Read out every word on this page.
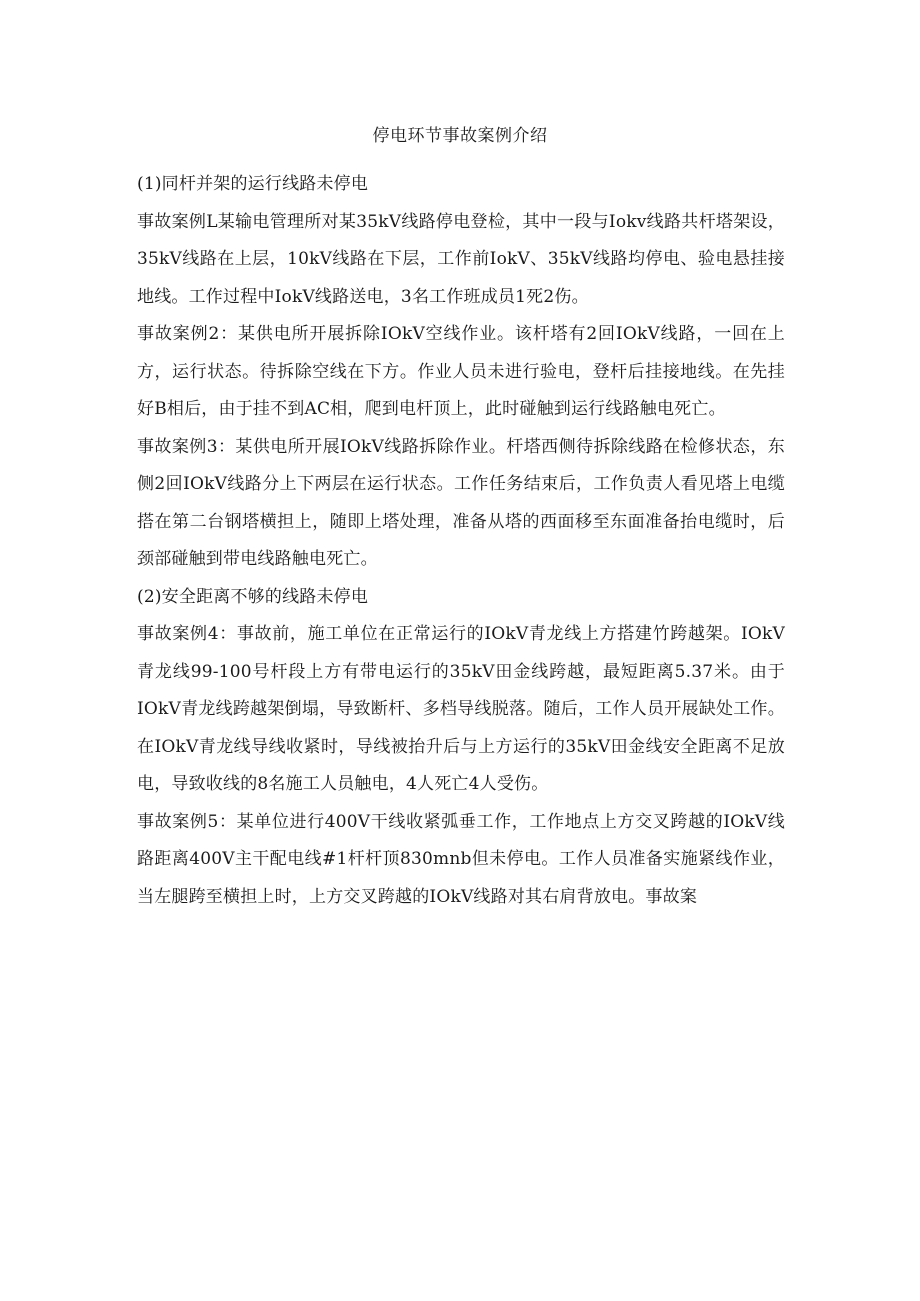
停电环节事故案例介绍

(1)同杆并架的运行线路未停电

事故案例L某输电管理所对某35kV线路停电登检，其中一段与Iokv线路共杆塔架设，35kV线路在上层，10kV线路在下层，工作前IokV、35kV线路均停电、验电悬挂接地线。工作过程中IokV线路送电，3名工作班成员1死2伤。

事故案例2：某供电所开展拆除IOkV空线作业。该杆塔有2回IOkV线路，一回在上方，运行状态。待拆除空线在下方。作业人员未进行验电，登杆后挂接地线。在先挂好B相后，由于挂不到AC相，爬到电杆顶上，此时碰触到运行线路触电死亡。

事故案例3：某供电所开展IOkV线路拆除作业。杆塔西侧待拆除线路在检修状态，东侧2回IOkV线路分上下两层在运行状态。工作任务结束后，工作负责人看见塔上电缆搭在第二台钢塔横担上，随即上塔处理，准备从塔的西面移至东面准备抬电缆时，后颈部碰触到带电线路触电死亡。

(2)安全距离不够的线路未停电

事故案例4：事故前，施工单位在正常运行的IOkV青龙线上方搭建竹跨越架。IOkV青龙线99-100号杆段上方有带电运行的35kV田金线跨越，最短距离5.37米。由于IOkV青龙线跨越架倒塌，导致断杆、多档导线脱落。随后，工作人员开展缺处工作。在IOkV青龙线导线收紧时，导线被抬升后与上方运行的35kV田金线安全距离不足放电，导致收线的8名施工人员触电，4人死亡4人受伤。

事故案例5：某单位进行400V干线收紧弧垂工作，工作地点上方交叉跨越的IOkV线路距离400V主干配电线#1杆杆顶830mnb但未停电。工作人员准备实施紧线作业，当左腿跨至横担上时，上方交叉跨越的IOkV线路对其右肩背放电。事故案
